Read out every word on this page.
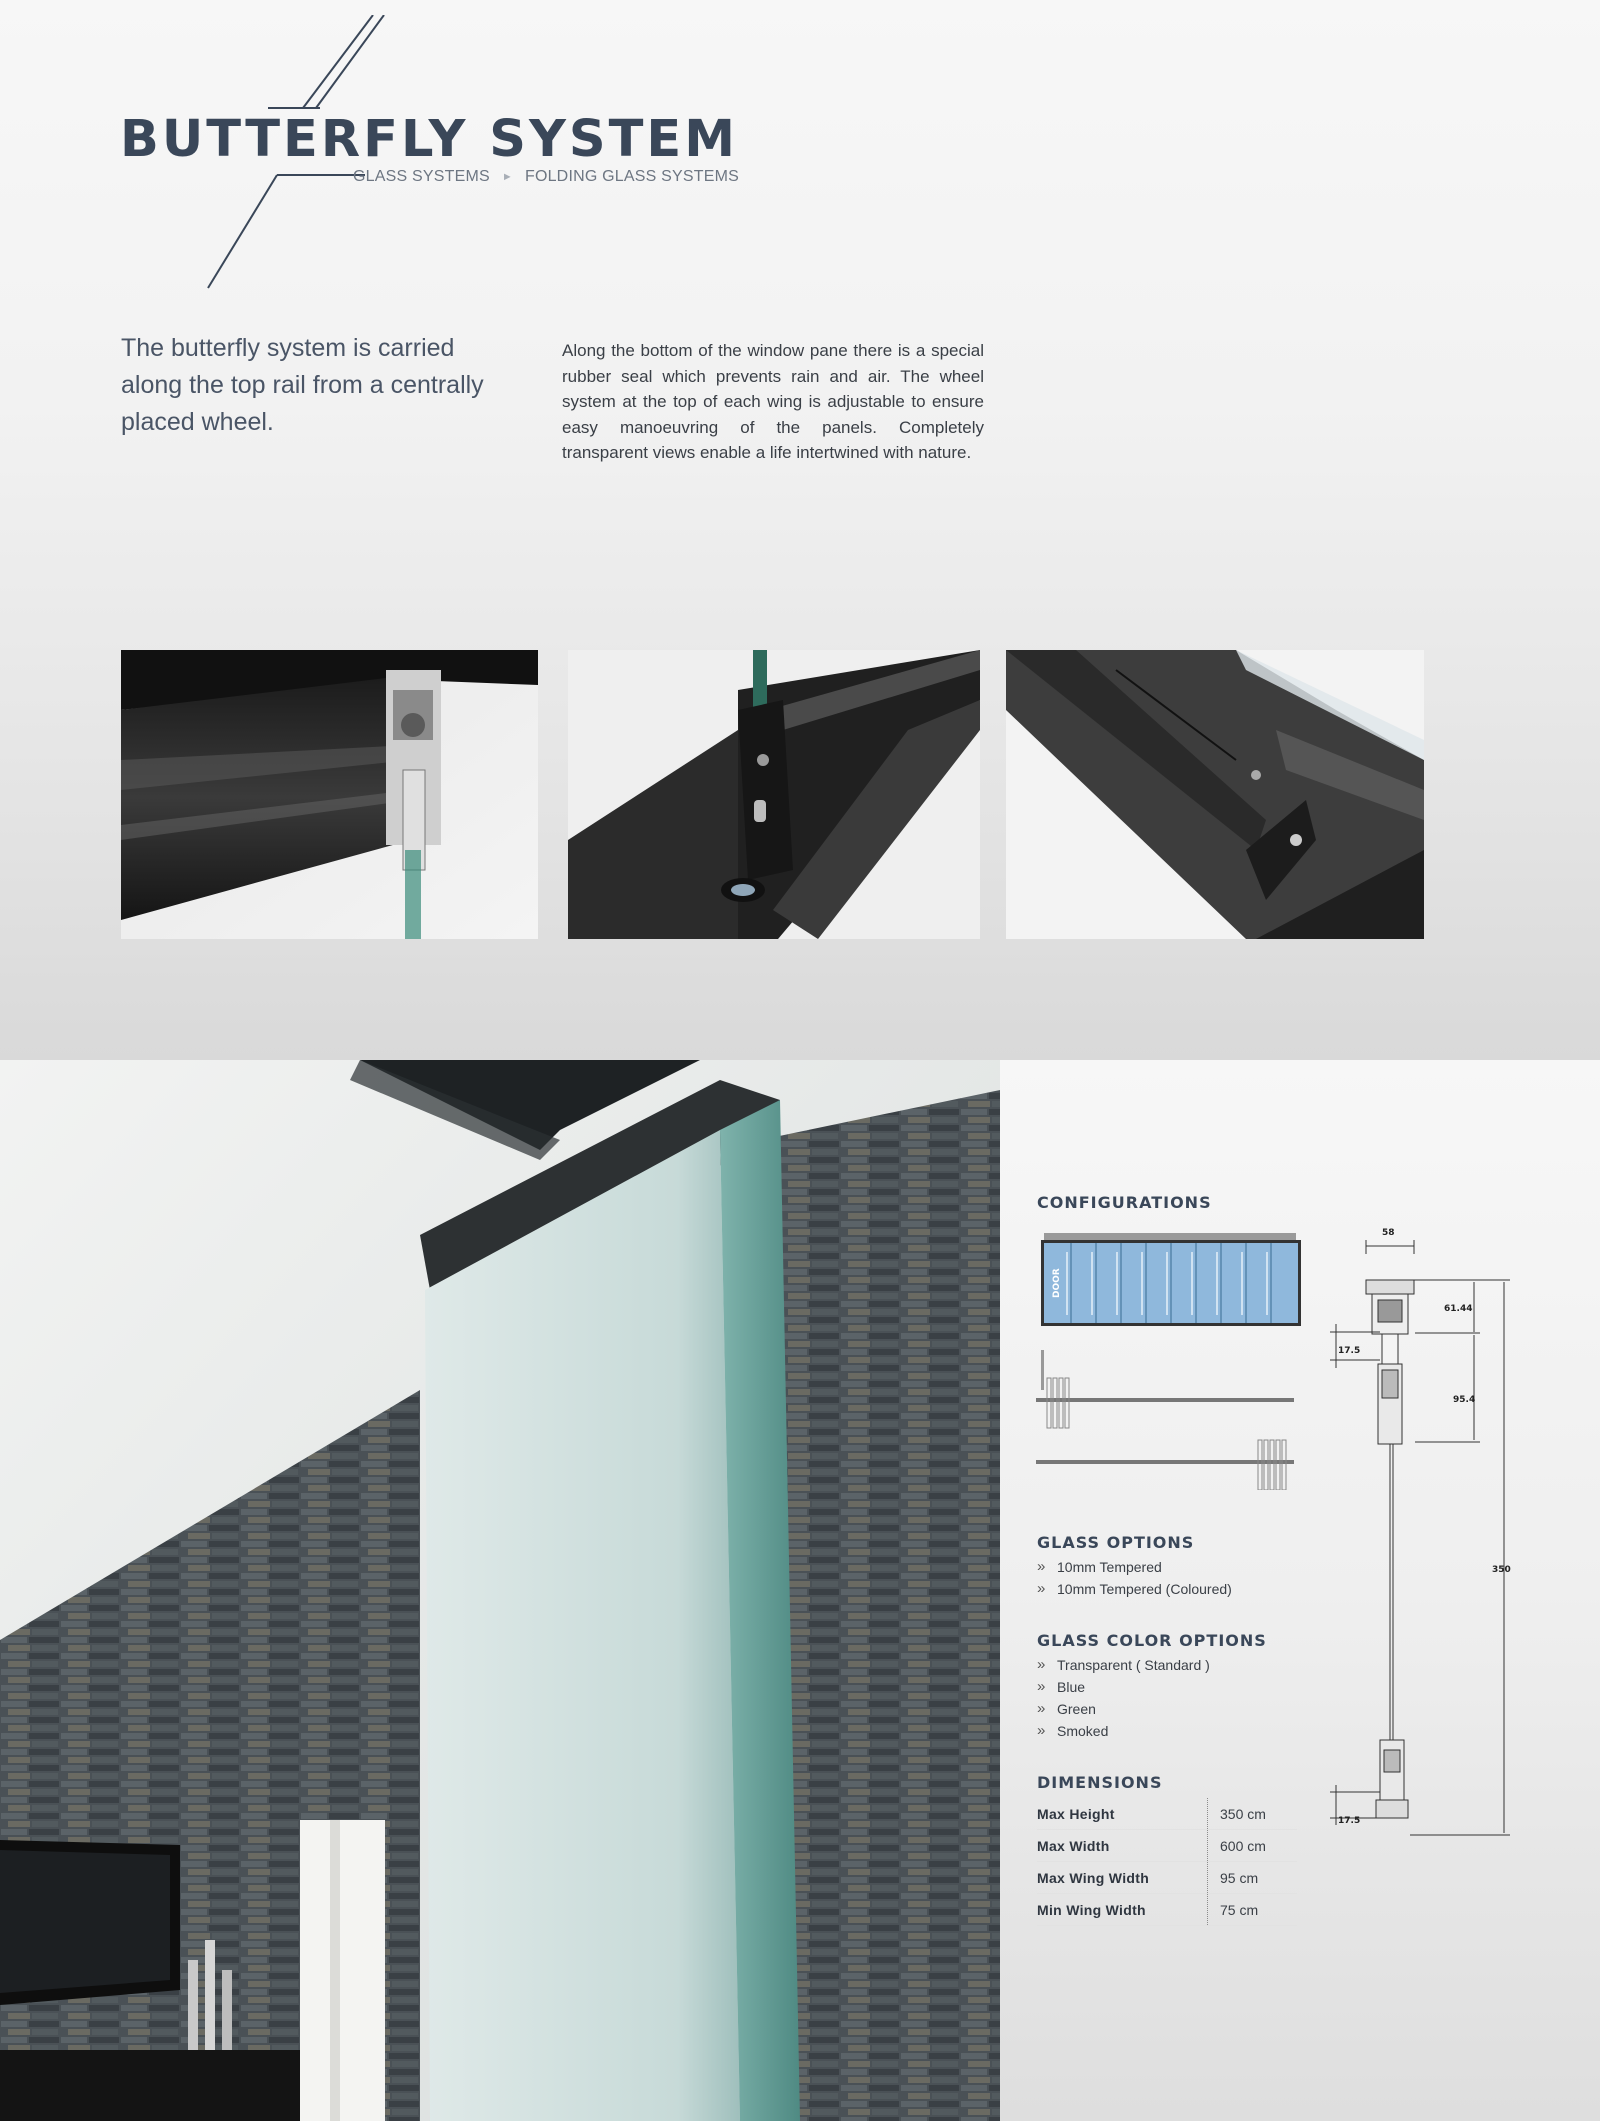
BUTTERFLY SYSTEM
GLASS SYSTEMS ► FOLDING GLASS SYSTEMS

The butterfly system is carried along the top rail from a centrally placed wheel.

Along the bottom of the window pane there is a special rubber seal which prevents rain and air. The wheel system at the top of each wing is adjustable to ensure easy manoeuvring of the panels. Completely transparent views enable a life intertwined with nature.

CONFIGURATIONS
DOOR
GLASS OPTIONS
» 10mm Tempered
» 10mm Tempered (Coloured)
GLASS COLOR OPTIONS
» Transparent ( Standard )
» Blue
» Green
» Smoked
DIMENSIONS
Max Height	350 cm
Max Width	600 cm
Max Wing Width	95 cm
Min Wing Width	75 cm
58
61.44
17.5
95.4
350
17.5
